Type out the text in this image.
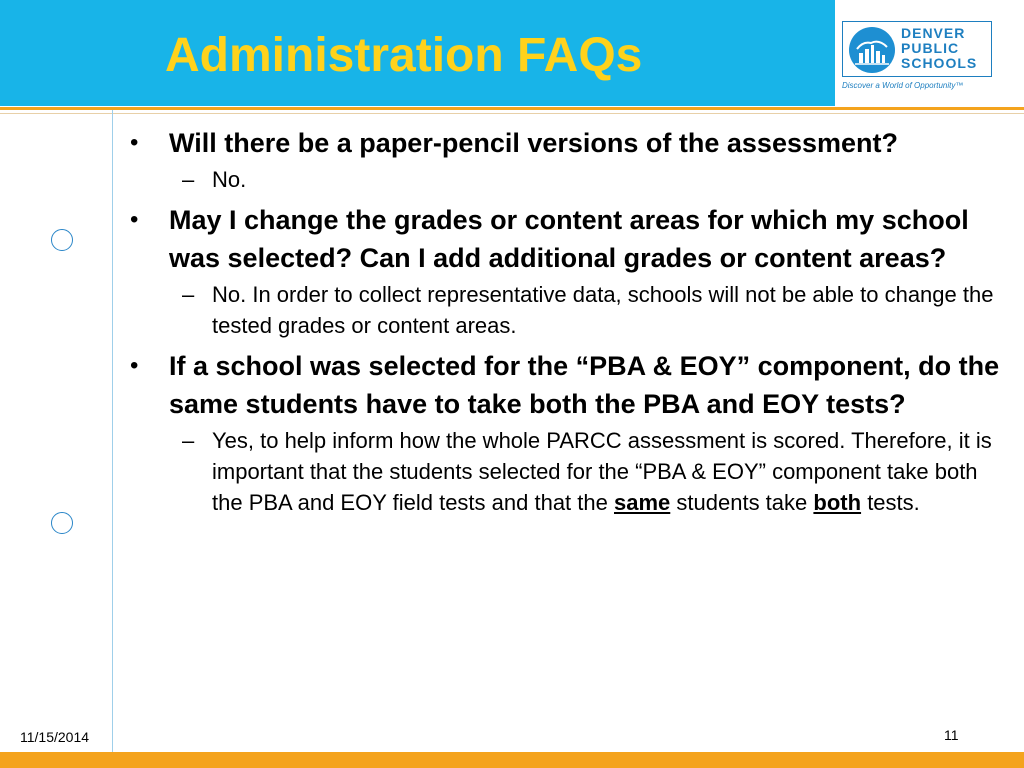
Administration FAQs	DENVER
PUBLIC
SCHOOLS
Discover a World of Opportunity™
• Will there be a paper-pencil versions of the assessment?
– No.
• May I change the grades or content areas for which my school was selected? Can I add additional grades or content areas?
– No. In order to collect representative data, schools will not be able to change the tested grades or content areas.
• If a school was selected for the “PBA & EOY” component, do the same students have to take both the PBA and EOY tests?
– Yes, to help inform how the whole PARCC assessment is scored. Therefore, it is important that the students selected for the “PBA & EOY” component take both the PBA and EOY field tests and that the same students take both tests.
11/15/2014	11
